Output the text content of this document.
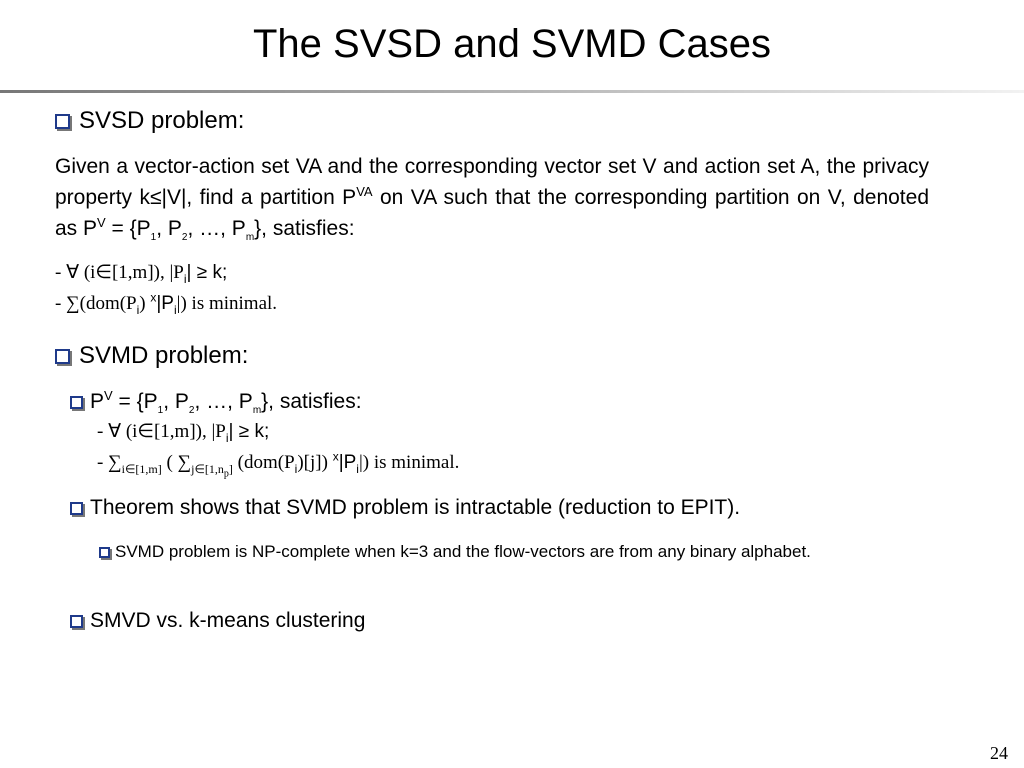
The SVSD and SVMD Cases
SVSD problem:
Given a vector-action set VA and the corresponding vector set V and action set A, the privacy property k≤|V|, find a partition $P^{VA}$ on VA such that the corresponding partition on V, denoted as $P^V = \{P_1$, $P_2$, …, $P_m$}, satisfies:
- ∀ (i∈[1,m]), $|P_i| \ge k$;
- $\sum(dom(P_i)$ $^x|P_i|$) is minimal.
SVMD problem:
$P^V = \{P_1$, $P_2$, …, $P_m$}, satisfies:
- ∀ (i∈[1,m]), $|P_i| \ge k$;
- $\sum_{i\in[1,m]}$ ( $\sum_{j\in[1,n_p]}$ $(dom(P_i)[j])$ $^x|P_i|$) is minimal.
Theorem shows that SVMD problem is intractable (reduction to EPIT).
SVMD problem is NP-complete when k=3 and the flow-vectors are from any binary alphabet.
SMVD vs. k-means clustering
24
